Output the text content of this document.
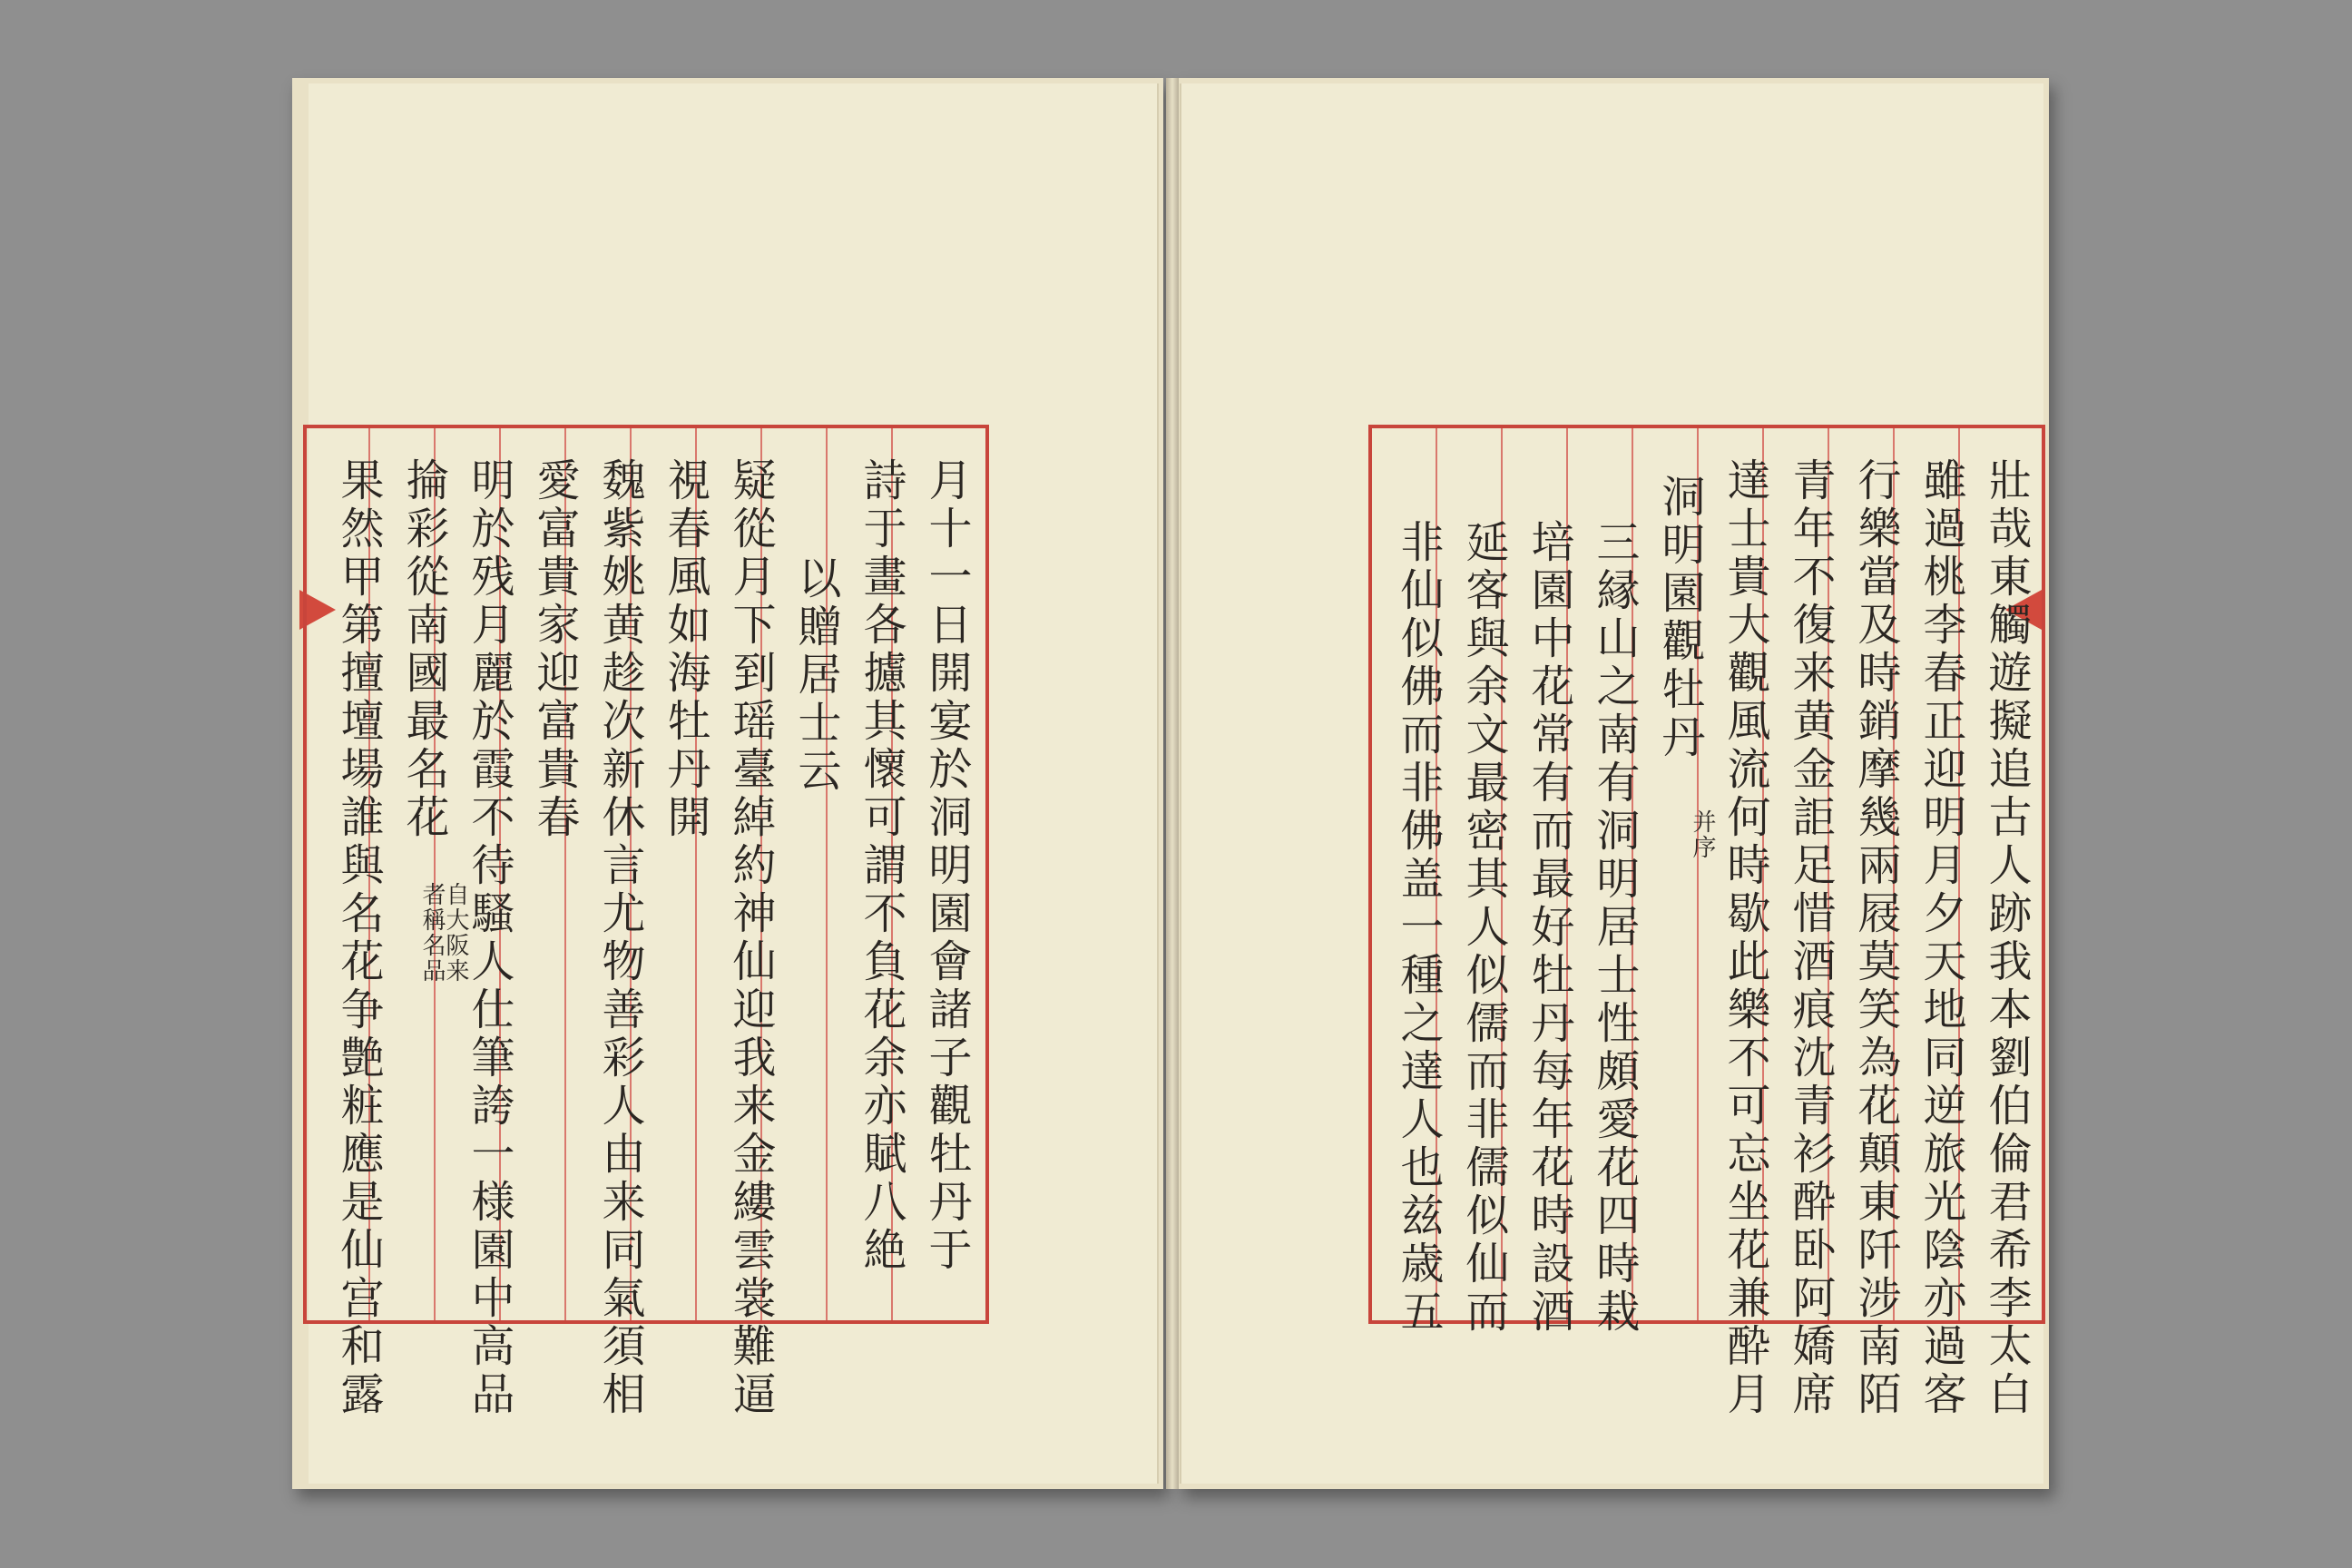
月十一日開宴於洞明園會諸子觀牡丹于
詩于畫各攄其懷可謂不負花余亦賦八絶
以贈居士云
疑從月下到瑶臺綽約神仙迎我来金縷雲裳難逼
視春風如海牡丹開
魏紫姚黄趁次新休言尤物善彩人由来同氣須相
愛富貴家迎富貴春
明於残月麗於霞不待騷人仕筆誇一様園中高品
掄彩從南國最名花
自大阪来
者稱名品
果然甲第擅壇場誰與名花争艶粧應是仙宫和露	壯哉東觸遊擬追古人跡我本劉伯倫君希李太白
雖過桃李春正迎明月夕天地同逆旅光陰亦過客
行樂當及時銷摩幾兩屐莫笑為花顛東阡涉南陌
青年不復来黄金詎足惜酒痕沈青衫酔卧阿嬌席
達士貴大觀風流何時歇此樂不可忘坐花兼酔月
洞明園觀牡丹
并序
三縁山之南有洞明居士性頗愛花四時栽
培園中花常有而最好牡丹每年花時設酒
延客與余文最密其人似儒而非儒似仙而
非仙似佛而非佛盖一種之達人也兹歳五
